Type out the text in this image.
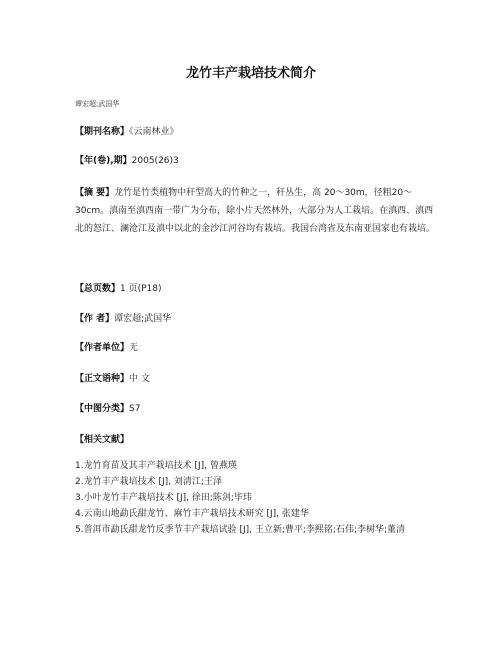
龙竹丰产栽培技术简介
谭宏超;武国华
【期刊名称】《云南林业》
【年(卷),期】2005(26)3
【摘 要】龙竹是竹类植物中秆型高大的竹种之一，秆丛生，高 20～30m，径粗20～30cm。滇南至滇西南一带广为分布，除小片天然林外，大部分为人工栽培。在滇西、滇西北的怒江、澜沧江及滇中以北的金沙江河谷均有栽培。我国台湾省及东南亚国家也有栽培。
【总页数】1 页(P18)
【作 者】谭宏超;武国华
【作者单位】无
【正文语种】中 文
【中图分类】S7
【相关文献】
1.龙竹育苗及其丰产栽培技术 [J], 曾燕瑛
2.龙竹丰产栽培技术 [J], 刘清江;王泽
3.小叶龙竹丰产栽培技术 [J], 徐田;陈剑;毕玮
4.云南山地勐氏甜龙竹、麻竹丰产栽培技术研究 [J], 张建华
5.普洱市勐氏甜龙竹反季节丰产栽培试验 [J], 王立新;曹平;李熙铭;石伟;李树华;董清
